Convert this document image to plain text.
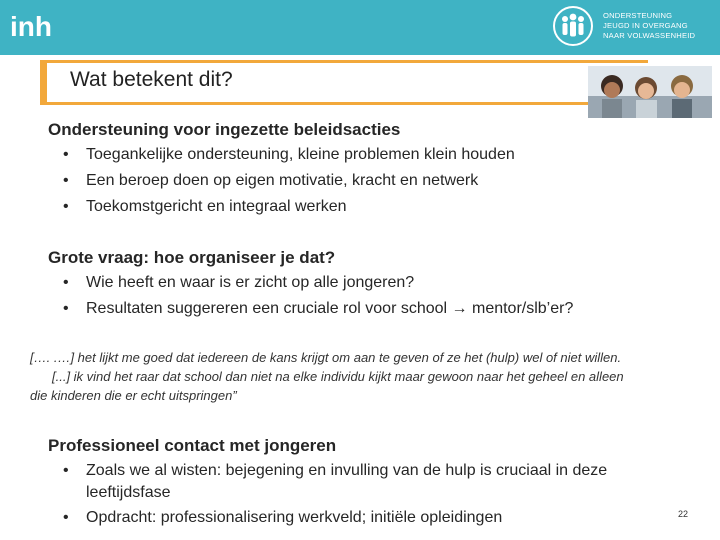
inh	ONDERSTEUNING
JEUGD IN OVERGANG
NAAR VOLWASSENHEID
Wat betekent dit?
Ondersteuning voor ingezette beleidsacties
• Toegankelijke ondersteuning, kleine problemen klein houden
• Een beroep doen op eigen motivatie, kracht en netwerk
• Toekomstgericht en integraal werken
Grote vraag: hoe organiseer je dat?
• Wie heeft en waar is er zicht op alle jongeren?
• Resultaten suggereren een cruciale rol voor school → mentor/slb’er?
[…. .…] het lijkt me goed dat iedereen de kans krijgt om aan te geven of ze het (hulp) wel of niet willen.
[...] ik vind het raar dat school dan niet na elke individu kijkt maar gewoon naar het geheel en alleen
die kinderen die er echt uitspringen”
Professioneel contact met jongeren
• Zoals we al wisten: bejegening en invulling van de hulp is cruciaal in deze
leeftijdsfase
• Opdracht: professionalisering werkveld; initiële opleidingen	22
